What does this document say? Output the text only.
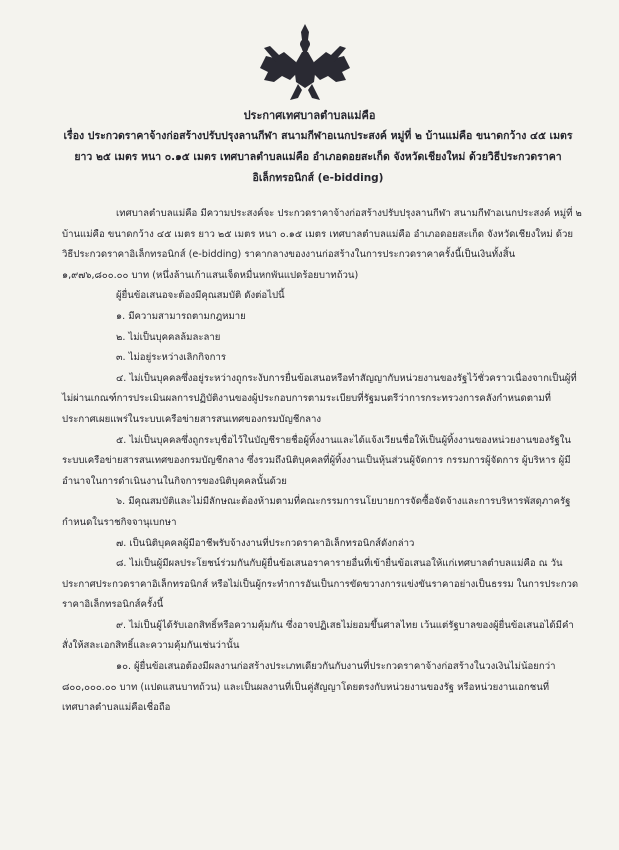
ประกาศเทศบาลตำบลแม่คือ
เรื่อง ประกวดราคาจ้างก่อสร้างปรับปรุงลานกีฬา สนามกีฬาอเนกประสงค์ หมู่ที่ ๒ บ้านแม่คือ ขนาดกว้าง ๔๕ เมตร ยาว ๒๕ เมตร หนา ๐.๑๕ เมตร เทศบาลตำบลแม่คือ อำเภอดอยสะเก็ด จังหวัดเชียงใหม่ ด้วยวิธีประกวดราคาอิเล็กทรอนิกส์ (e-bidding)

เทศบาลตำบลแม่คือ มีความประสงค์จะ ประกวดราคาจ้างก่อสร้างปรับปรุงลานกีฬา สนามกีฬาอเนกประสงค์ หมู่ที่ ๒ บ้านแม่คือ ขนาดกว้าง ๔๕ เมตร ยาว ๒๕ เมตร หนา ๐.๑๕ เมตร เทศบาลตำบลแม่คือ อำเภอดอยสะเก็ด จังหวัดเชียงใหม่ ด้วยวิธีประกวดราคาอิเล็กทรอนิกส์ (e-bidding) ราคากลางของงานก่อสร้างในการประกวดราคาครั้งนี้เป็นเงินทั้งสิ้น ๑,๙๗๖,๘๐๐.๐๐ บาท (หนึ่งล้านเก้าแสนเจ็ดหมื่นหกพันแปดร้อยบาทถ้วน)

ผู้ยื่นข้อเสนอจะต้องมีคุณสมบัติ ดังต่อไปนี้

๑. มีความสามารถตามกฎหมาย

๒. ไม่เป็นบุคคลล้มละลาย

๓. ไม่อยู่ระหว่างเลิกกิจการ

๔. ไม่เป็นบุคคลซึ่งอยู่ระหว่างถูกระงับการยื่นข้อเสนอหรือทำสัญญากับหน่วยงานของรัฐไว้ชั่วคราวเนื่องจากเป็นผู้ที่ไม่ผ่านเกณฑ์การประเมินผลการปฏิบัติงานของผู้ประกอบการตามระเบียบที่รัฐมนตรีว่าการกระทรวงการคลังกำหนดตามที่ประกาศเผยแพร่ในระบบเครือข่ายสารสนเทศของกรมบัญชีกลาง

๕. ไม่เป็นบุคคลซึ่งถูกระบุชื่อไว้ในบัญชีรายชื่อผู้ทิ้งงานและได้แจ้งเวียนชื่อให้เป็นผู้ทิ้งงานของหน่วยงานของรัฐในระบบเครือข่ายสารสนเทศของกรมบัญชีกลาง ซึ่งรวมถึงนิติบุคคลที่ผู้ทิ้งงานเป็นหุ้นส่วนผู้จัดการ กรรมการผู้จัดการ ผู้บริหาร ผู้มีอำนาจในการดำเนินงานในกิจการของนิติบุคคลนั้นด้วย

๖. มีคุณสมบัติและไม่มีลักษณะต้องห้ามตามที่คณะกรรมการนโยบายการจัดซื้อจัดจ้างและการบริหารพัสดุภาครัฐกำหนดในราชกิจจานุเบกษา

๗. เป็นนิติบุคคลผู้มีอาชีพรับจ้างงานที่ประกวดราคาอิเล็กทรอนิกส์ดังกล่าว

๘. ไม่เป็นผู้มีผลประโยชน์ร่วมกันกับผู้ยื่นข้อเสนอราคารายอื่นที่เข้ายื่นข้อเสนอให้แก่เทศบาลตำบลแม่คือ ณ วันประกาศประกวดราคาอิเล็กทรอนิกส์ หรือไม่เป็นผู้กระทำการอันเป็นการขัดขวางการแข่งขันราคาอย่างเป็นธรรม ในการประกวดราคาอิเล็กทรอนิกส์ครั้งนี้

๙. ไม่เป็นผู้ได้รับเอกสิทธิ์หรือความคุ้มกัน ซึ่งอาจปฏิเสธไม่ยอมขึ้นศาลไทย เว้นแต่รัฐบาลของผู้ยื่นข้อเสนอได้มีคำสั่งให้สละเอกสิทธิ์และความคุ้มกันเช่นว่านั้น

๑๐. ผู้ยื่นข้อเสนอต้องมีผลงานก่อสร้างประเภทเดียวกันกับงานที่ประกวดราคาจ้างก่อสร้างในวงเงินไม่น้อยกว่า ๘๐๐,๐๐๐.๐๐ บาท (แปดแสนบาทถ้วน) และเป็นผลงานที่เป็นคู่สัญญาโดยตรงกับหน่วยงานของรัฐ หรือหน่วยงานเอกชนที่เทศบาลตำบลแม่คือเชื่อถือ
